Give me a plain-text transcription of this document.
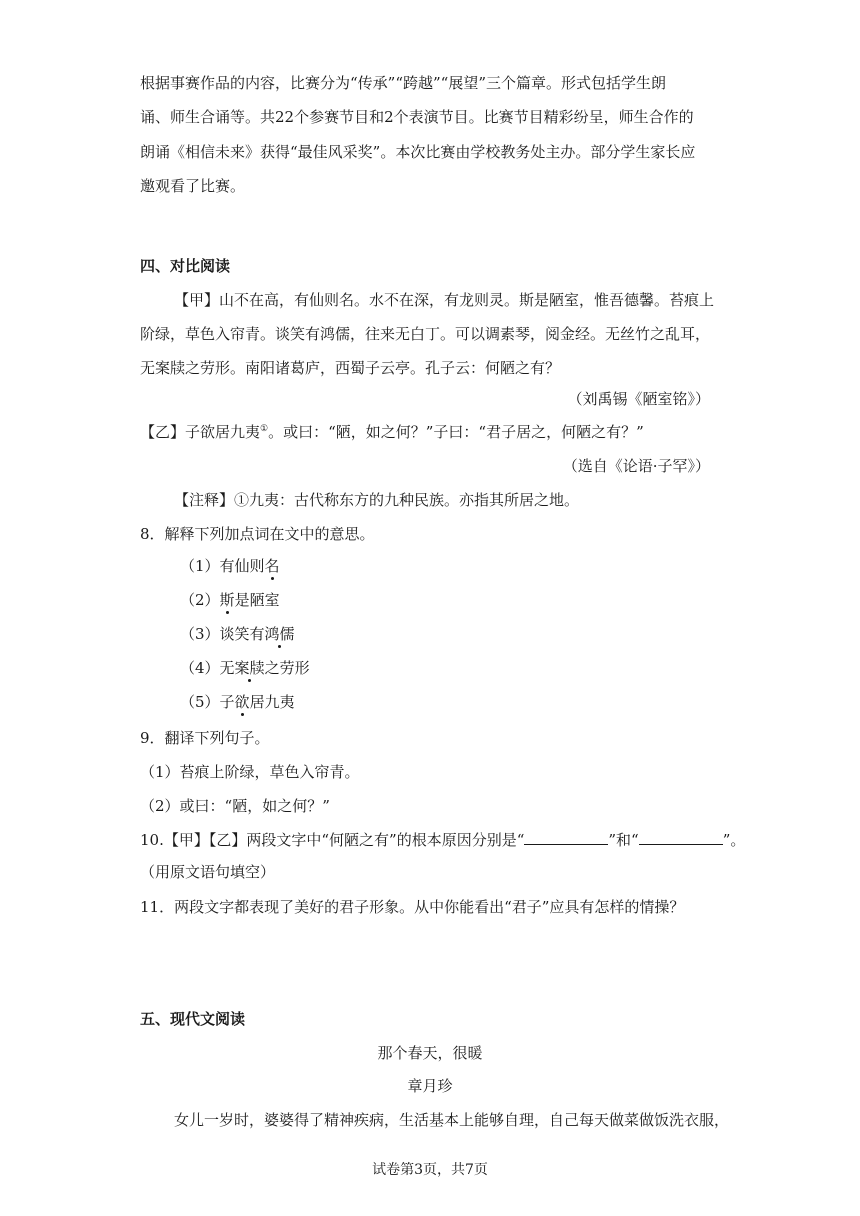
根据事赛作品的内容，比赛分为“传承”“跨越”“展望”三个篇章。形式包括学生朗
诵、师生合诵等。共22个参赛节目和2个表演节目。比赛节目精彩纷呈，师生合作的
朗诵《相信未来》获得“最佳风采奖”。本次比赛由学校教务处主办。部分学生家长应
邀观看了比赛。
四、对比阅读
【甲】山不在高，有仙则名。水不在深，有龙则灵。斯是陋室，惟吾德馨。苔痕上
阶绿，草色入帘青。谈笑有鸿儒，往来无白丁。可以调素琴，阅金经。无丝竹之乱耳，
无案牍之劳形。南阳诸葛庐，西蜀子云亭。孔子云：何陋之有？
（刘禹锡《陋室铭》）
【乙】子欲居九夷①。或曰：“陋，如之何？”子曰：“君子居之，何陋之有？”
（选自《论语·子罕》）
【注释】①九夷：古代称东方的九种民族。亦指其所居之地。
8．解释下列加点词在文中的意思。
（1）有仙则名
（2）斯是陋室
（3）谈笑有鸿儒
（4）无案牍之劳形
（5）子欲居九夷
9．翻译下列句子。
（1）苔痕上阶绿，草色入帘青。
（2）或曰：“陋，如之何？”
10.【甲】【乙】两段文字中“何陋之有”的根本原因分别是“	”和“	”。
（用原文语句填空）
11．两段文字都表现了美好的君子形象。从中你能看出“君子”应具有怎样的情操？
五、现代文阅读
那个春天，很暖
章月珍
女儿一岁时，婆婆得了精神疾病，生活基本上能够自理，自己每天做菜做饭洗衣服，
试卷第3页，共7页
